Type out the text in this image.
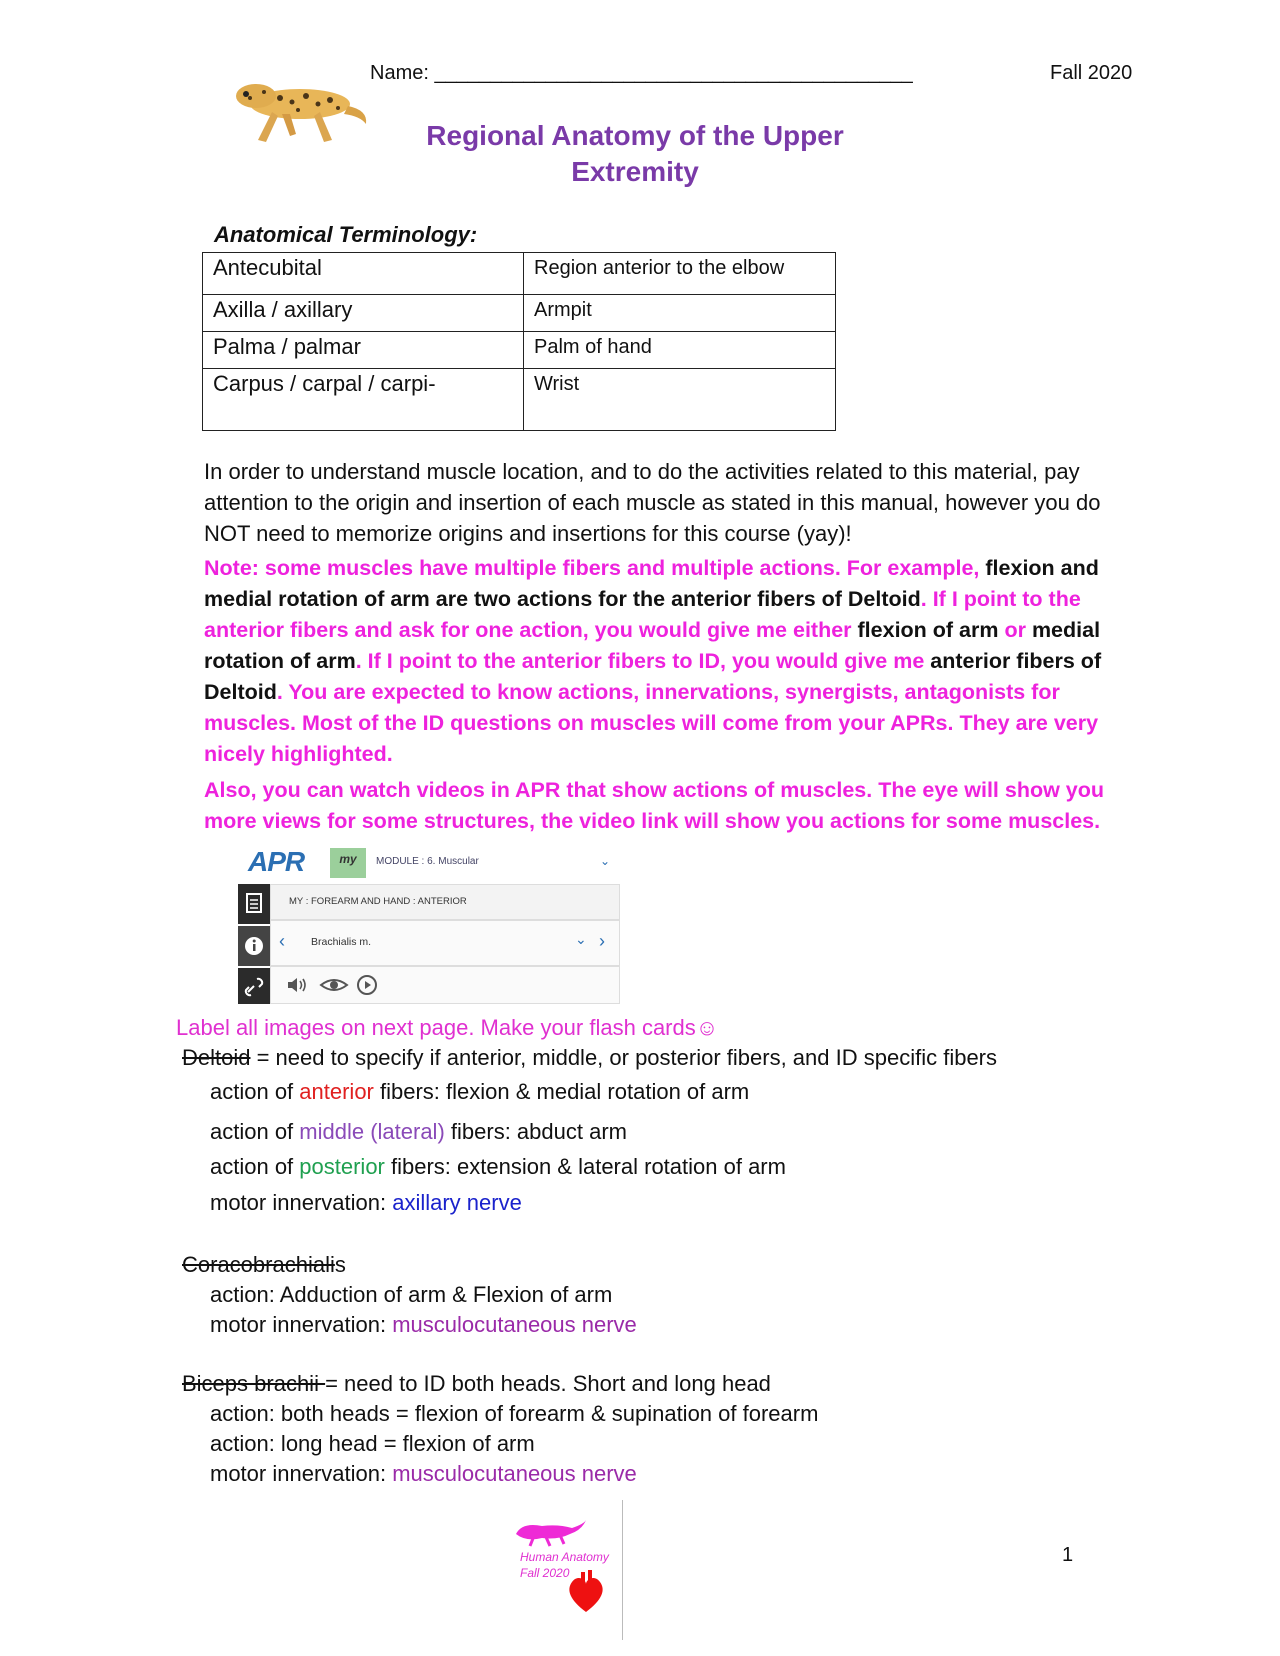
Name: ___________________________________________	Fall 2020
Regional Anatomy of the Upper
Extremity
Anatomical Terminology:
Antecubital	Region anterior to the elbow
Axilla / axillary	Armpit
Palma / palmar	Palm of hand
Carpus / carpal / carpi-	Wrist
In order to understand muscle location, and to do the activities related to this material, pay attention to the origin and insertion of each muscle as stated in this manual, however you do NOT need to memorize origins and insertions for this course (yay)!
Note: some muscles have multiple fibers and multiple actions. For example, flexion and medial rotation of arm are two actions for the anterior fibers of Deltoid. If I point to the anterior fibers and ask for one action, you would give me either flexion of arm or medial rotation of arm. If I point to the anterior fibers to ID, you would give me anterior fibers of Deltoid. You are expected to know actions, innervations, synergists, antagonists for muscles. Most of the ID questions on muscles will come from your APRs. They are very nicely highlighted.
Also, you can watch videos in APR that show actions of muscles. The eye will show you more views for some structures, the video link will show you actions for some muscles.
APR	my	MODULE : 6. Muscular	⌄
MY : FOREARM AND HAND : ANTERIOR
‹ Brachialis m.	⌄ ›
Label all images on next page. Make your flash cards☺
Deltoid = need to specify if anterior, middle, or posterior fibers, and ID specific fibers
action of anterior fibers: flexion & medial rotation of arm
action of middle (lateral) fibers: abduct arm
action of posterior fibers: extension & lateral rotation of arm
motor innervation: axillary nerve
Coracobrachialis
action: Adduction of arm & Flexion of arm
motor innervation: musculocutaneous nerve
Biceps brachii = need to ID both heads. Short and long head
action: both heads = flexion of forearm & supination of forearm
action: long head = flexion of arm
motor innervation: musculocutaneous nerve
Human Anatomy
Fall 2020
1
